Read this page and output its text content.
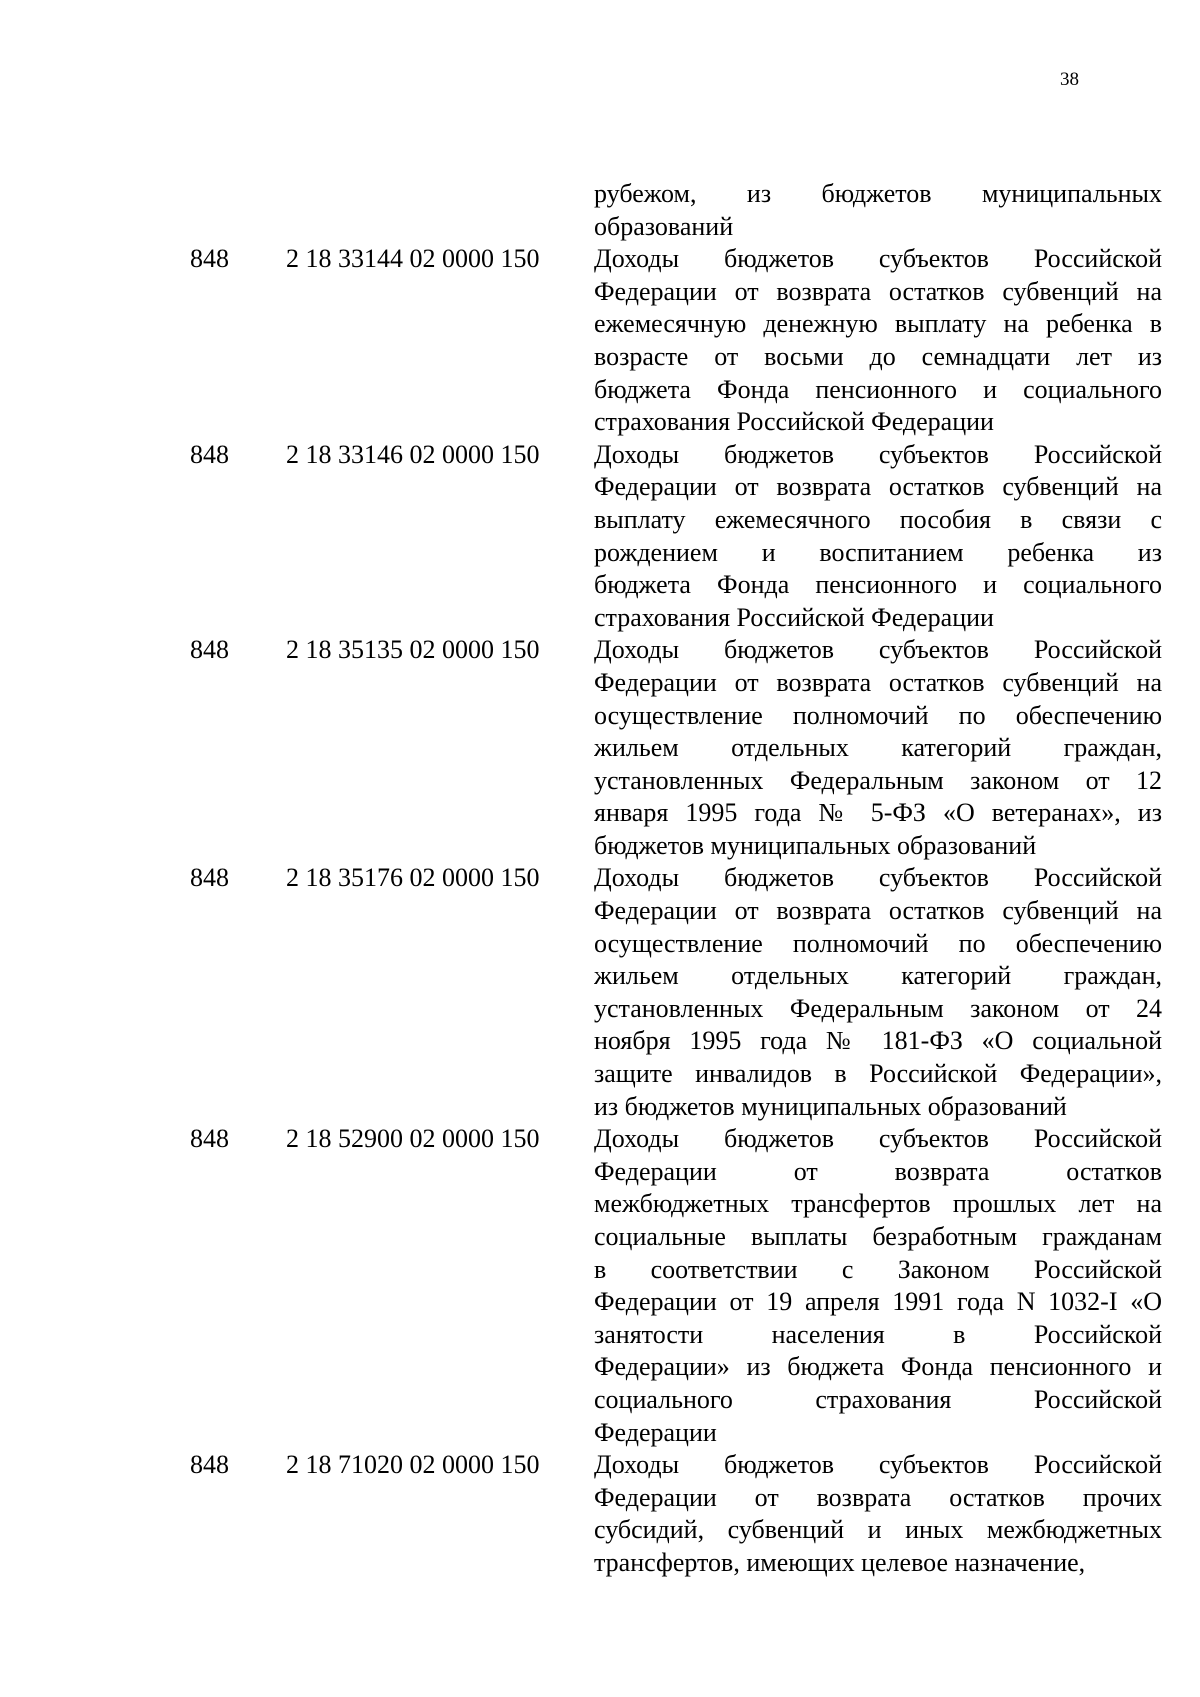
38
рубежом, из бюджетов муниципальных
образований
848	2 18 33144 02 0000 150	Доходы бюджетов субъектов Российской
Федерации от возврата остатков субвенций на
ежемесячную денежную выплату на ребенка в
возрасте от восьми до семнадцати лет из
бюджета Фонда пенсионного и социального
страхования Российской Федерации
848	2 18 33146 02 0000 150	Доходы бюджетов субъектов Российской
Федерации от возврата остатков субвенций на
выплату ежемесячного пособия в связи с
рождением и воспитанием ребенка из
бюджета Фонда пенсионного и социального
страхования Российской Федерации
848	2 18 35135 02 0000 150	Доходы бюджетов субъектов Российской
Федерации от возврата остатков субвенций на
осуществление полномочий по обеспечению
жильем отдельных категорий граждан,
установленных Федеральным законом от 12
января 1995 года № 5-ФЗ «О ветеранах», из
бюджетов муниципальных образований
848	2 18 35176 02 0000 150	Доходы бюджетов субъектов Российской
Федерации от возврата остатков субвенций на
осуществление полномочий по обеспечению
жильем отдельных категорий граждан,
установленных Федеральным законом от 24
ноября 1995 года № 181-ФЗ «О социальной
защите инвалидов в Российской Федерации»,
из бюджетов муниципальных образований
848	2 18 52900 02 0000 150	Доходы бюджетов субъектов Российской
Федерации от возврата остатков
межбюджетных трансфертов прошлых лет на
социальные выплаты безработным гражданам
в соответствии с Законом Российской
Федерации от 19 апреля 1991 года N 1032-I «О
занятости населения в Российской
Федерации» из бюджета Фонда пенсионного и
социального страхования Российской
Федерации
848	2 18 71020 02 0000 150	Доходы бюджетов субъектов Российской
Федерации от возврата остатков прочих
субсидий, субвенций и иных межбюджетных
трансфертов, имеющих целевое назначение,
